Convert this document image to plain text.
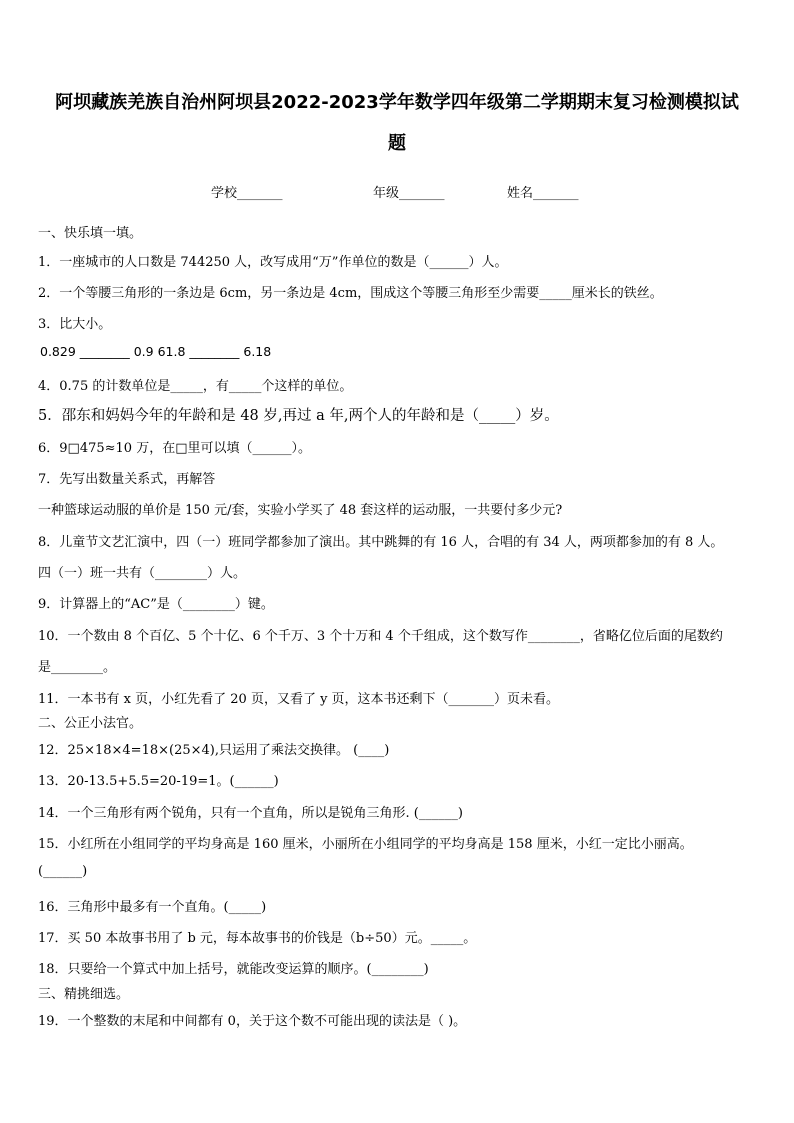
阿坝藏族羌族自治州阿坝县2022-2023学年数学四年级第二学期期末复习检测模拟试
题
学校_______	年级_______	姓名_______
一、快乐填一填。
1．一座城市的人口数是 744250 人，改写成用“万”作单位的数是（______）人。
2．一个等腰三角形的一条边是 6cm，另一条边是 4cm，围成这个等腰三角形至少需要_____厘米长的铁丝。
3．比大小。
0.829 ________ 0.9 61.8 ________ 6.18
4．0.75 的计数单位是_____，有_____个这样的单位。
5．邵东和妈妈今年的年龄和是 48 岁,再过 a 年,两个人的年龄和是（_____）岁。
6．9□475≈10 万，在□里可以填（______）。
7．先写出数量关系式，再解答
一种篮球运动服的单价是 150 元/套，实验小学买了 48 套这样的运动服，一共要付多少元?
8．儿童节文艺汇演中，四（一）班同学都参加了演出。其中跳舞的有 16 人，合唱的有 34 人，两项都参加的有 8 人。
四（一）班一共有（________）人。
9．计算器上的“AC”是（________）键。
10．一个数由 8 个百亿、5 个十亿、6 个千万、3 个十万和 4 个千组成，这个数写作________，省略亿位后面的尾数约
是________。
11．一本书有 x 页，小红先看了 20 页，又看了 y 页，这本书还剩下（_______）页未看。
二、公正小法官。
12．25×18×4=18×(25×4),只运用了乘法交换律。 (____)
13．20-13.5+5.5=20-19=1。(______)
14．一个三角形有两个锐角，只有一个直角，所以是锐角三角形. (______)
15．小红所在小组同学的平均身高是 160 厘米，小丽所在小组同学的平均身高是 158 厘米，小红一定比小丽高。
(______)
16．三角形中最多有一个直角。(_____)
17．买 50 本故事书用了 b 元，每本故事书的价钱是（b÷50）元。_____。
18．只要给一个算式中加上括号，就能改变运算的顺序。(________)
三、精挑细选。
19．一个整数的末尾和中间都有 0，关于这个数不可能出现的读法是（ )。
